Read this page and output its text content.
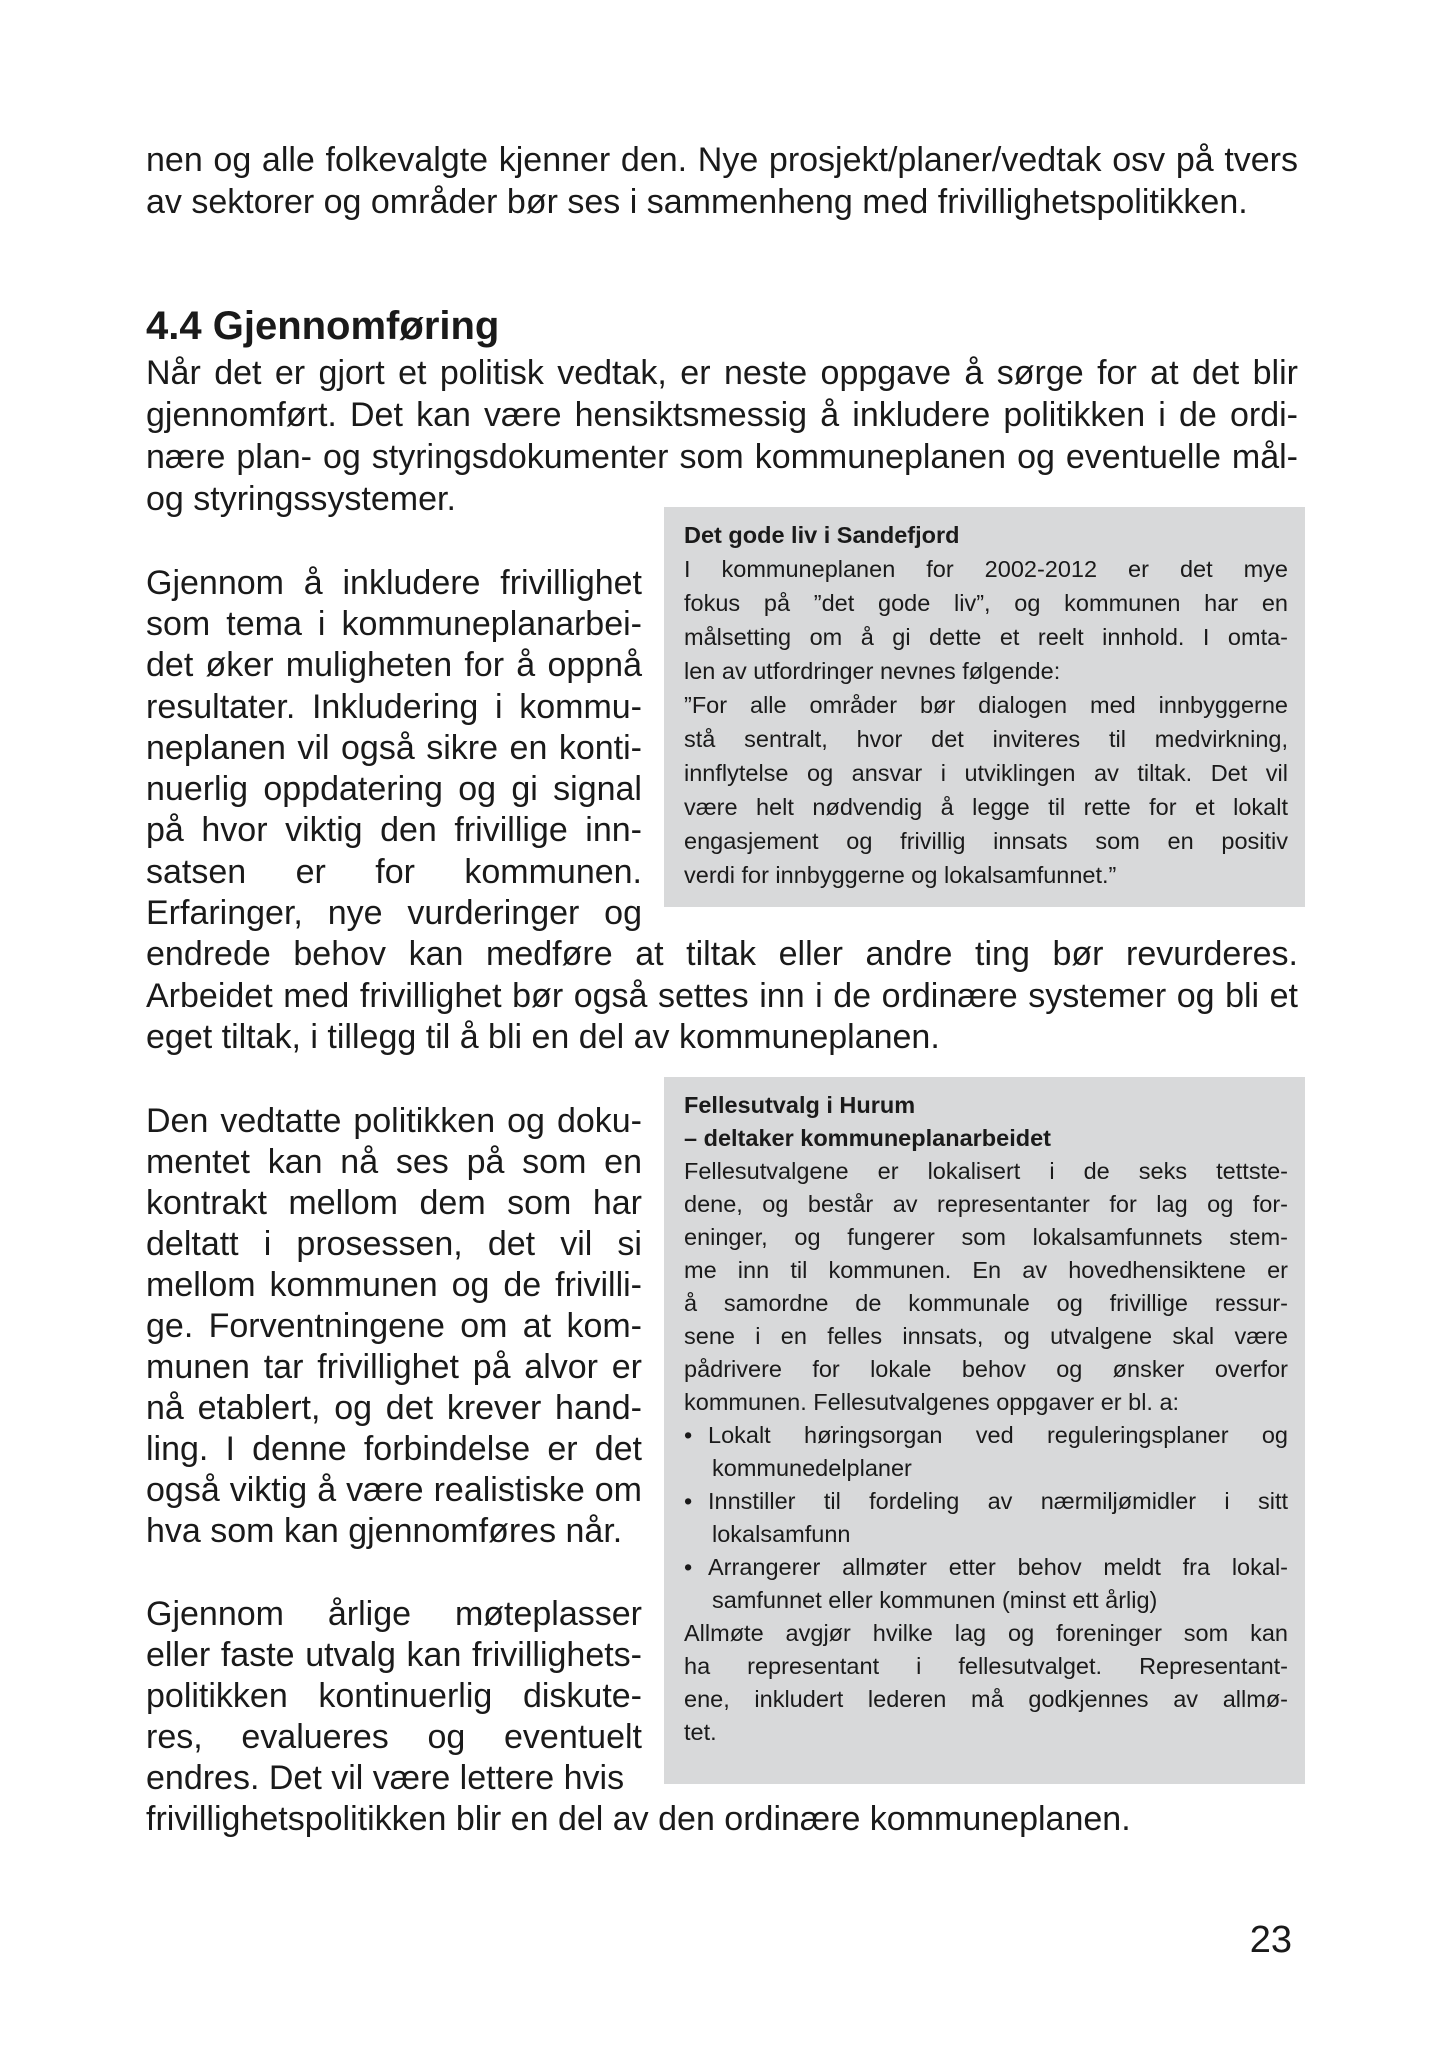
nen og alle folkevalgte kjenner den. Nye prosjekt/planer/vedtak osv på tvers
av sektorer og områder bør ses i sammenheng med frivillighetspolitikken.
4.4 Gjennomføring
Når det er gjort et politisk vedtak, er neste oppgave å sørge for at det blir
gjennomført. Det kan være hensiktsmessig å inkludere politikken i de ordi-
nære plan- og styringsdokumenter som kommuneplanen og eventuelle mål-
og styringssystemer.
Det gode liv i Sandefjord
I kommuneplanen for 2002-2012 er det mye
fokus på ”det gode liv”, og kommunen har en
målsetting om å gi dette et reelt innhold. I omta-
len av utfordringer nevnes følgende:
”For alle områder bør dialogen med innbyggerne
stå sentralt, hvor det inviteres til medvirkning,
innflytelse og ansvar i utviklingen av tiltak. Det vil
være helt nødvendig å legge til rette for et lokalt
engasjement og frivillig innsats som en positiv
verdi for innbyggerne og lokalsamfunnet.”
Gjennom å inkludere frivillighet
som tema i kommuneplanarbei-
det øker muligheten for å oppnå
resultater. Inkludering i kommu-
neplanen vil også sikre en konti-
nuerlig oppdatering og gi signal
på hvor viktig den frivillige inn-
satsen er for kommunen.
Erfaringer, nye vurderinger og
endrede behov kan medføre at tiltak eller andre ting bør revurderes.
Arbeidet med frivillighet bør også settes inn i de ordinære systemer og bli et
eget tiltak, i tillegg til å bli en del av kommuneplanen.
Fellesutvalg i Hurum
– deltaker kommuneplanarbeidet
Fellesutvalgene er lokalisert i de seks tettste-
dene, og består av representanter for lag og for-
eninger, og fungerer som lokalsamfunnets stem-
me inn til kommunen. En av hovedhensiktene er
å samordne de kommunale og frivillige ressur-
sene i en felles innsats, og utvalgene skal være
pådrivere for lokale behov og ønsker overfor
kommunen. Fellesutvalgenes oppgaver er bl. a:
• Lokalt høringsorgan ved reguleringsplaner og
kommunedelplaner
• Innstiller til fordeling av nærmiljømidler i sitt
lokalsamfunn
• Arrangerer allmøter etter behov meldt fra lokal-
samfunnet eller kommunen (minst ett årlig)
Allmøte avgjør hvilke lag og foreninger som kan
ha representant i fellesutvalget. Representant-
ene, inkludert lederen må godkjennes av allmø-
tet.
Den vedtatte politikken og doku-
mentet kan nå ses på som en
kontrakt mellom dem som har
deltatt i prosessen, det vil si
mellom kommunen og de frivilli-
ge. Forventningene om at kom-
munen tar frivillighet på alvor er
nå etablert, og det krever hand-
ling. I denne forbindelse er det
også viktig å være realistiske om
hva som kan gjennomføres når.
Gjennom årlige møteplasser
eller faste utvalg kan frivillighets-
politikken kontinuerlig diskute-
res, evalueres og eventuelt
endres. Det vil være lettere hvis
frivillighetspolitikken blir en del av den ordinære kommuneplanen.
23
